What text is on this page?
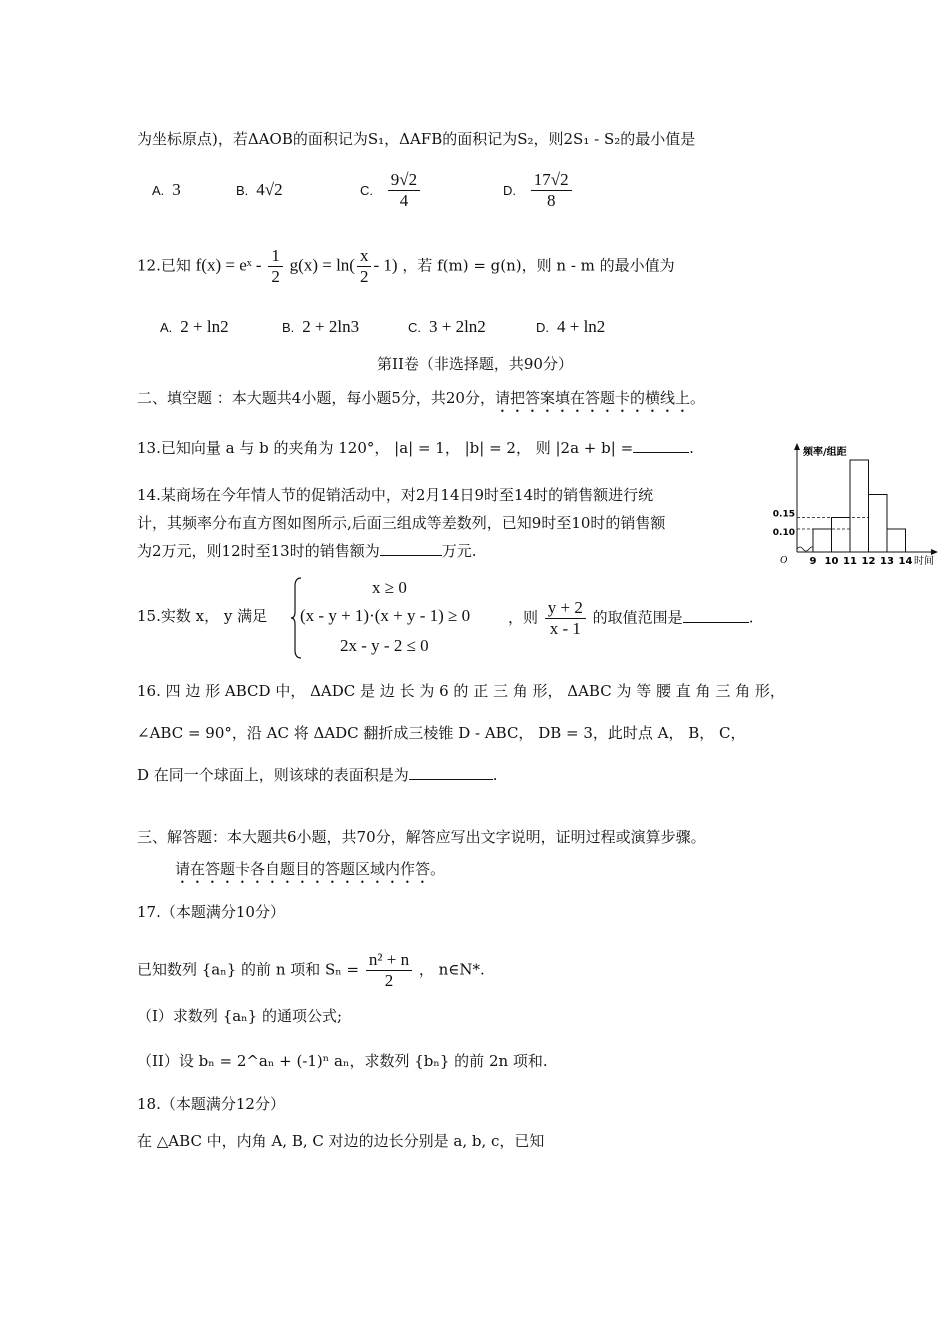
为坐标原点)，若ΔAOB的面积记为S₁，ΔAFB的面积记为S₂，则2S₁ - S₂的最小值是
A. 3	B. 4√2	C. $\frac{9√2}{4}$	D. $\frac{17√2}{8}$
12.已知 f(x) = eˣ - $\frac{1}{2} g(x) = \ln( \frac{x}{2} - 1)$ ，若 f(m) = g(n)，则 n - m 的最小值为
A. 2 + ln2	B. 2 + 2ln3	C. 3 + 2ln2	D. 4 + ln2
第II卷（非选择题，共90分）
二、填空题 ：本大题共4小题，每小题5分，共20分，请把答案填在答题卡的横线上。
13.已知向量 a 与 b 的夹角为 120°， |a| = 1， |b| = 2， 则 |2a + b| =	.	频率/组距
时间
O 9 10 11 12 13 14
0.10
0.15
14.某商场在今年情人节的促销活动中，对2月14日9时至14时的销售额进行统
计，其频率分布直方图如图所示,后面三组成等差数列，已知9时至10时的销售额
为2万元，则12时至13时的销售额为	万元.
15.实数 x， y 满足
x ≥ 0
(x - y + 1)·(x + y - 1) ≥ 0
2x - y - 2 ≤ 0
，则 $\frac{y + 2}{x - 1}$ 的取值范围是	.
16. 四 边 形 ABCD 中， ΔADC 是 边 长 为 6 的 正 三 角 形， ΔABC 为 等 腰 直 角 三 角 形，
∠ABC = 90°，沿 AC 将 ΔADC 翻折成三棱锥 D - ABC， DB = 3，此时点 A， B， C，
D 在同一个球面上，则该球的表面积是为	.
三、解答题：本大题共6小题，共70分，解答应写出文字说明，证明过程或演算步骤。
请在答题卡各自题目的答题区域内作答。
17.（本题满分10分）
已知数列 {aₙ} 的前 n 项和 $S_n = \frac{\text{n² + n}}{2}$ ， n∈N*.
（I）求数列 {aₙ} 的通项公式;
（II）设 bₙ = 2^aₙ + (-1)ⁿ aₙ，求数列 {bₙ} 的前 2n 项和.
18.（本题满分12分）
在 △ABC 中，内角 A, B, C 对边的边长分别是 a, b, c，已知
